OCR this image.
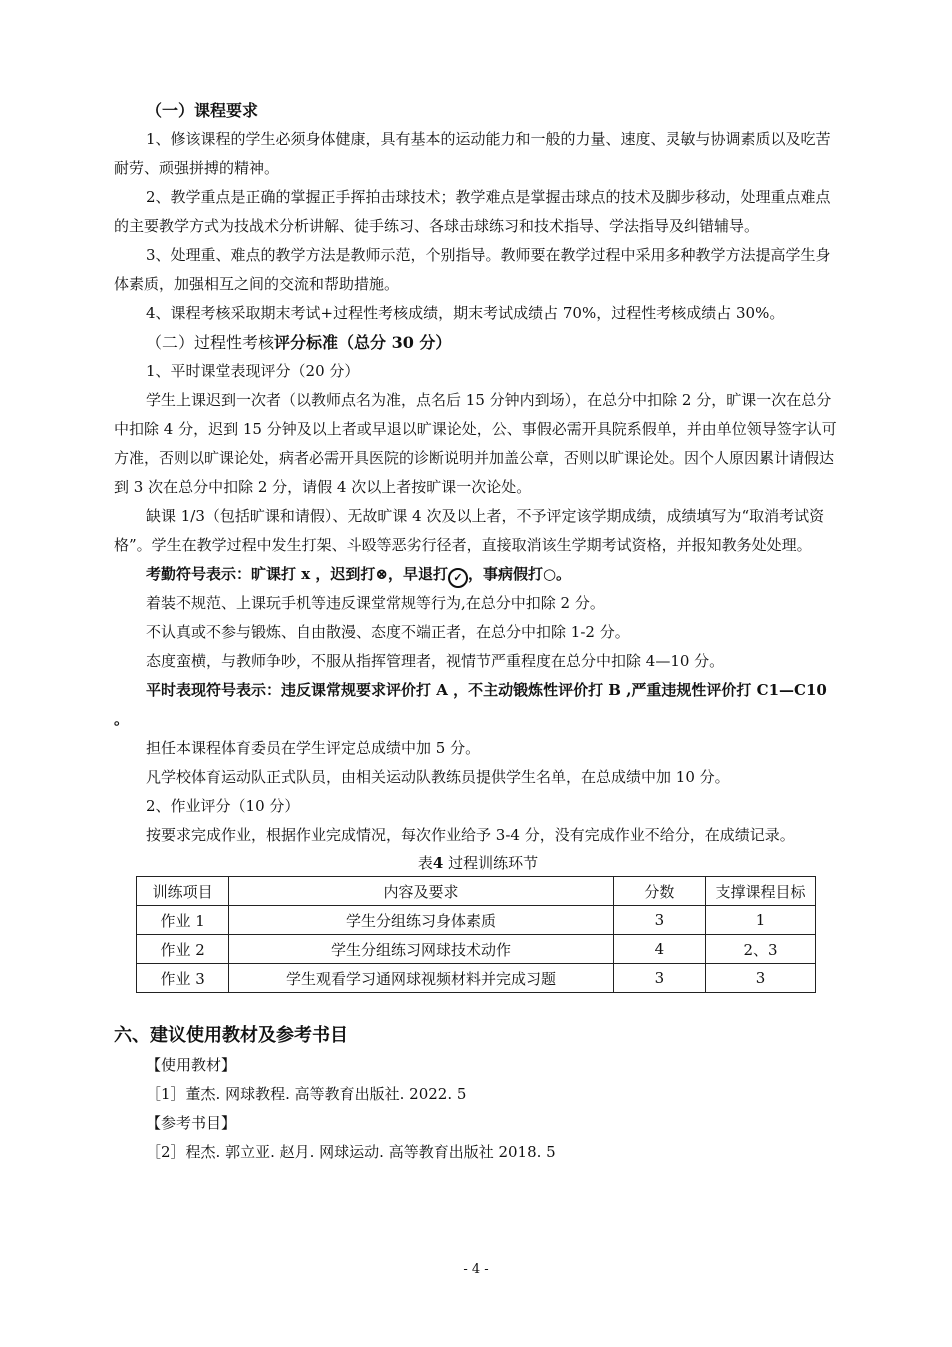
（一）课程要求

1、修该课程的学生必须身体健康，具有基本的运动能力和一般的力量、速度、灵敏与协调素质以及吃苦耐劳、顽强拼搏的精神。

2、教学重点是正确的掌握正手挥拍击球技术；教学难点是掌握击球点的技术及脚步移动，处理重点难点的主要教学方式为技战术分析讲解、徒手练习、各球击球练习和技术指导、学法指导及纠错辅导。

3、处理重、难点的教学方法是教师示范，个别指导。教师要在教学过程中采用多种教学方法提高学生身体素质，加强相互之间的交流和帮助措施。

4、课程考核采取期末考试+过程性考核成绩，期末考试成绩占 70%，过程性考核成绩占 30%。

（二）过程性考核评分标准（总分 30 分）

1、平时课堂表现评分（20 分）

学生上课迟到一次者（以教师点名为准，点名后 15 分钟内到场），在总分中扣除 2 分，旷课一次在总分中扣除 4 分，迟到 15 分钟及以上者或早退以旷课论处，公、事假必需开具院系假单，并由单位领导签字认可方准，否则以旷课论处，病者必需开具医院的诊断说明并加盖公章，否则以旷课论处。因个人原因累计请假达到 3 次在总分中扣除 2 分，请假 4 次以上者按旷课一次论处。

缺课 1/3（包括旷课和请假）、无故旷课 4 次及以上者，不予评定该学期成绩，成绩填写为“取消考试资格”。学生在教学过程中发生打架、斗殴等恶劣行径者，直接取消该生学期考试资格，并报知教务处处理。

考勤符号表示：旷课打 x ，迟到打⊗，早退打 ✓ ，事病假打○。

着装不规范、上课玩手机等违反课堂常规等行为,在总分中扣除 2 分。

不认真或不参与锻炼、自由散漫、态度不端正者，在总分中扣除 1-2 分。

态度蛮横，与教师争吵，不服从指挥管理者，视情节严重程度在总分中扣除 4—10 分。

平时表现符号表示：违反课常规要求评价打 A ，不主动锻炼性评价打 B ,严重违规性评价打 C1—C10 。

担任本课程体育委员在学生评定总成绩中加 5 分。

凡学校体育运动队正式队员，由相关运动队教练员提供学生名单，在总成绩中加 10 分。

2、作业评分（10 分）

按要求完成作业，根据作业完成情况，每次作业给予 3-4 分，没有完成作业不给分，在成绩记录。

表4 过程训练环节

训练项目	内容及要求	分数	支撑课程目标
作业 1	学生分组练习身体素质	3	1
作业 2	学生分组练习网球技术动作	4	2、3
作业 3	学生观看学习通网球视频材料并完成习题	3	3

六、建议使用教材及参考书目

【使用教材】

［1］董杰. 网球教程. 高等教育出版社. 2022. 5

【参考书目】

［2］程杰. 郭立亚. 赵月. 网球运动. 高等教育出版社 2018. 5

- 4 -
